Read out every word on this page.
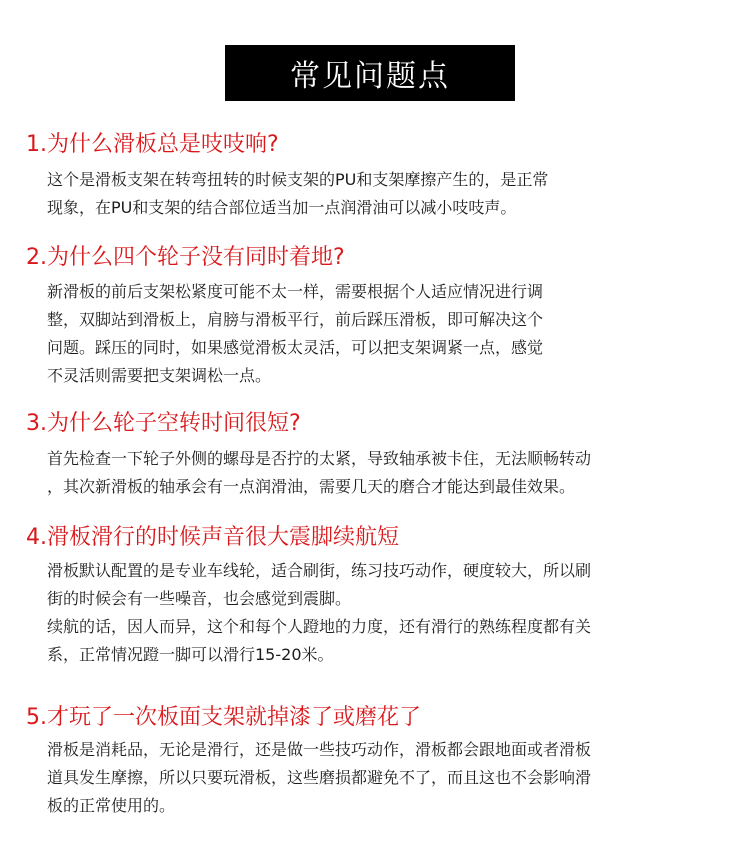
常见问题点
1.为什么滑板总是吱吱响?

这个是滑板支架在转弯扭转的时候支架的PU和支架摩擦产生的，是正常

现象，在PU和支架的结合部位适当加一点润滑油可以减小吱吱声。

2.为什么四个轮子没有同时着地?

新滑板的前后支架松紧度可能不太一样，需要根据个人适应情况进行调

整，双脚站到滑板上，肩膀与滑板平行，前后踩压滑板，即可解决这个

问题。踩压的同时，如果感觉滑板太灵活，可以把支架调紧一点，感觉

不灵活则需要把支架调松一点。

3.为什么轮子空转时间很短?

首先检查一下轮子外侧的螺母是否拧的太紧，导致轴承被卡住，无法顺畅转动

，其次新滑板的轴承会有一点润滑油，需要几天的磨合才能达到最佳效果。

4.滑板滑行的时候声音很大震脚续航短

滑板默认配置的是专业车线轮，适合刷街，练习技巧动作，硬度较大，所以刷

街的时候会有一些噪音，也会感觉到震脚。

续航的话，因人而异，这个和每个人蹬地的力度，还有滑行的熟练程度都有关

系，正常情况蹬一脚可以滑行15-20米。

5.才玩了一次板面支架就掉漆了或磨花了

滑板是消耗品，无论是滑行，还是做一些技巧动作，滑板都会跟地面或者滑板

道具发生摩擦，所以只要玩滑板，这些磨损都避免不了，而且这也不会影响滑

板的正常使用的。
